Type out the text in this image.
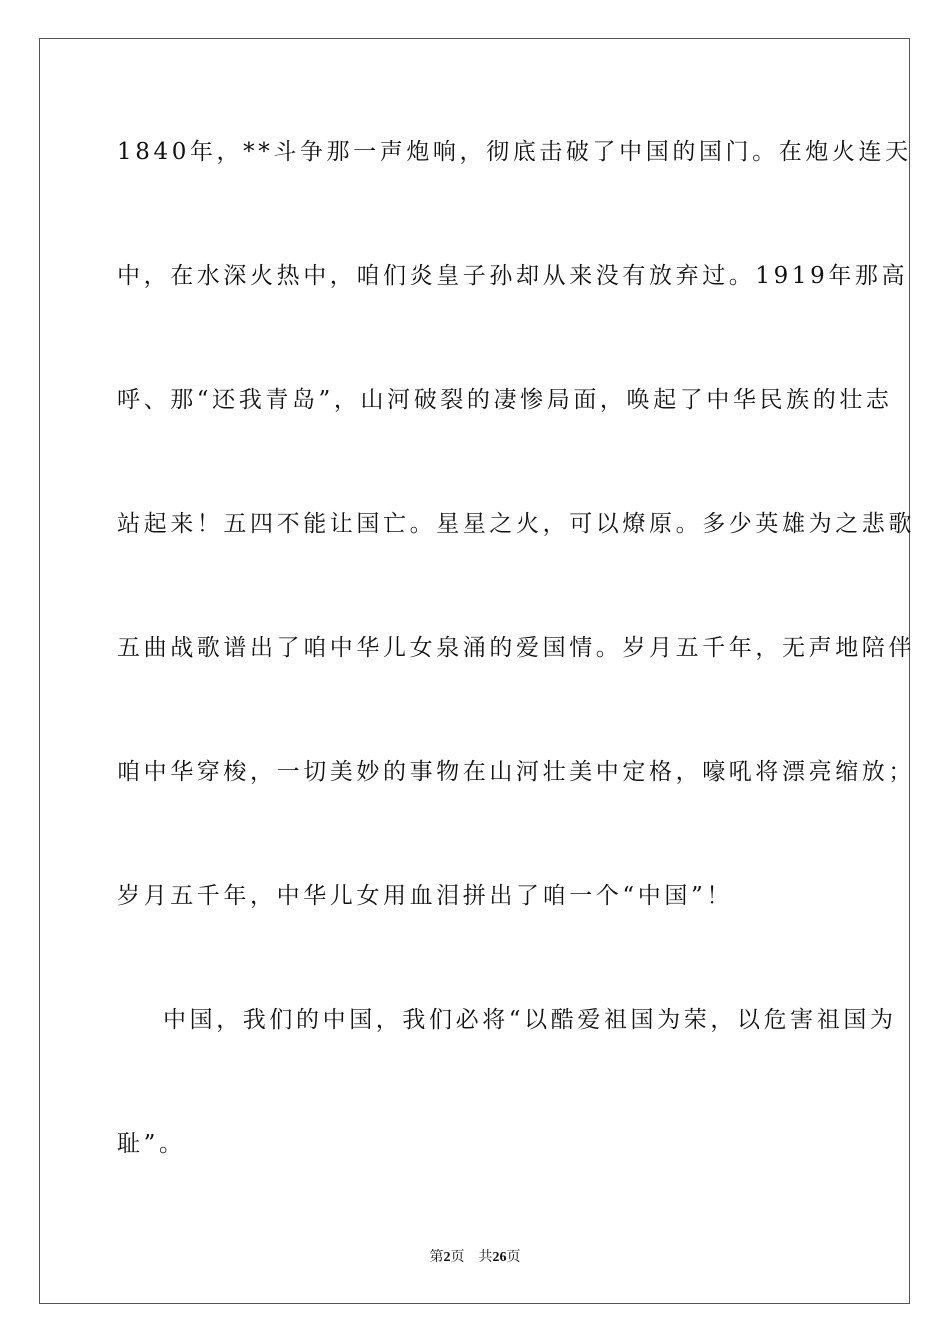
1840年，**斗争那一声炮响，彻底击破了中国的国门。在炮火连天
中，在水深火热中，咱们炎皇子孙却从来没有放弃过。1919年那高
呼、那“还我青岛”，山河破裂的凄惨局面，唤起了中华民族的壮志
站起来！五四不能让国亡。星星之火，可以燎原。多少英雄为之悲歌
五曲战歌谱出了咱中华儿女泉涌的爱国情。岁月五千年，无声地陪伴
咱中华穿梭，一切美妙的事物在山河壮美中定格，嚎吼将漂亮缩放；
岁月五千年，中华儿女用血泪拼出了咱一个“中国”！
中国，我们的中国，我们必将“以酷爱祖国为荣，以危害祖国为
耻”。
第2页 共26页
